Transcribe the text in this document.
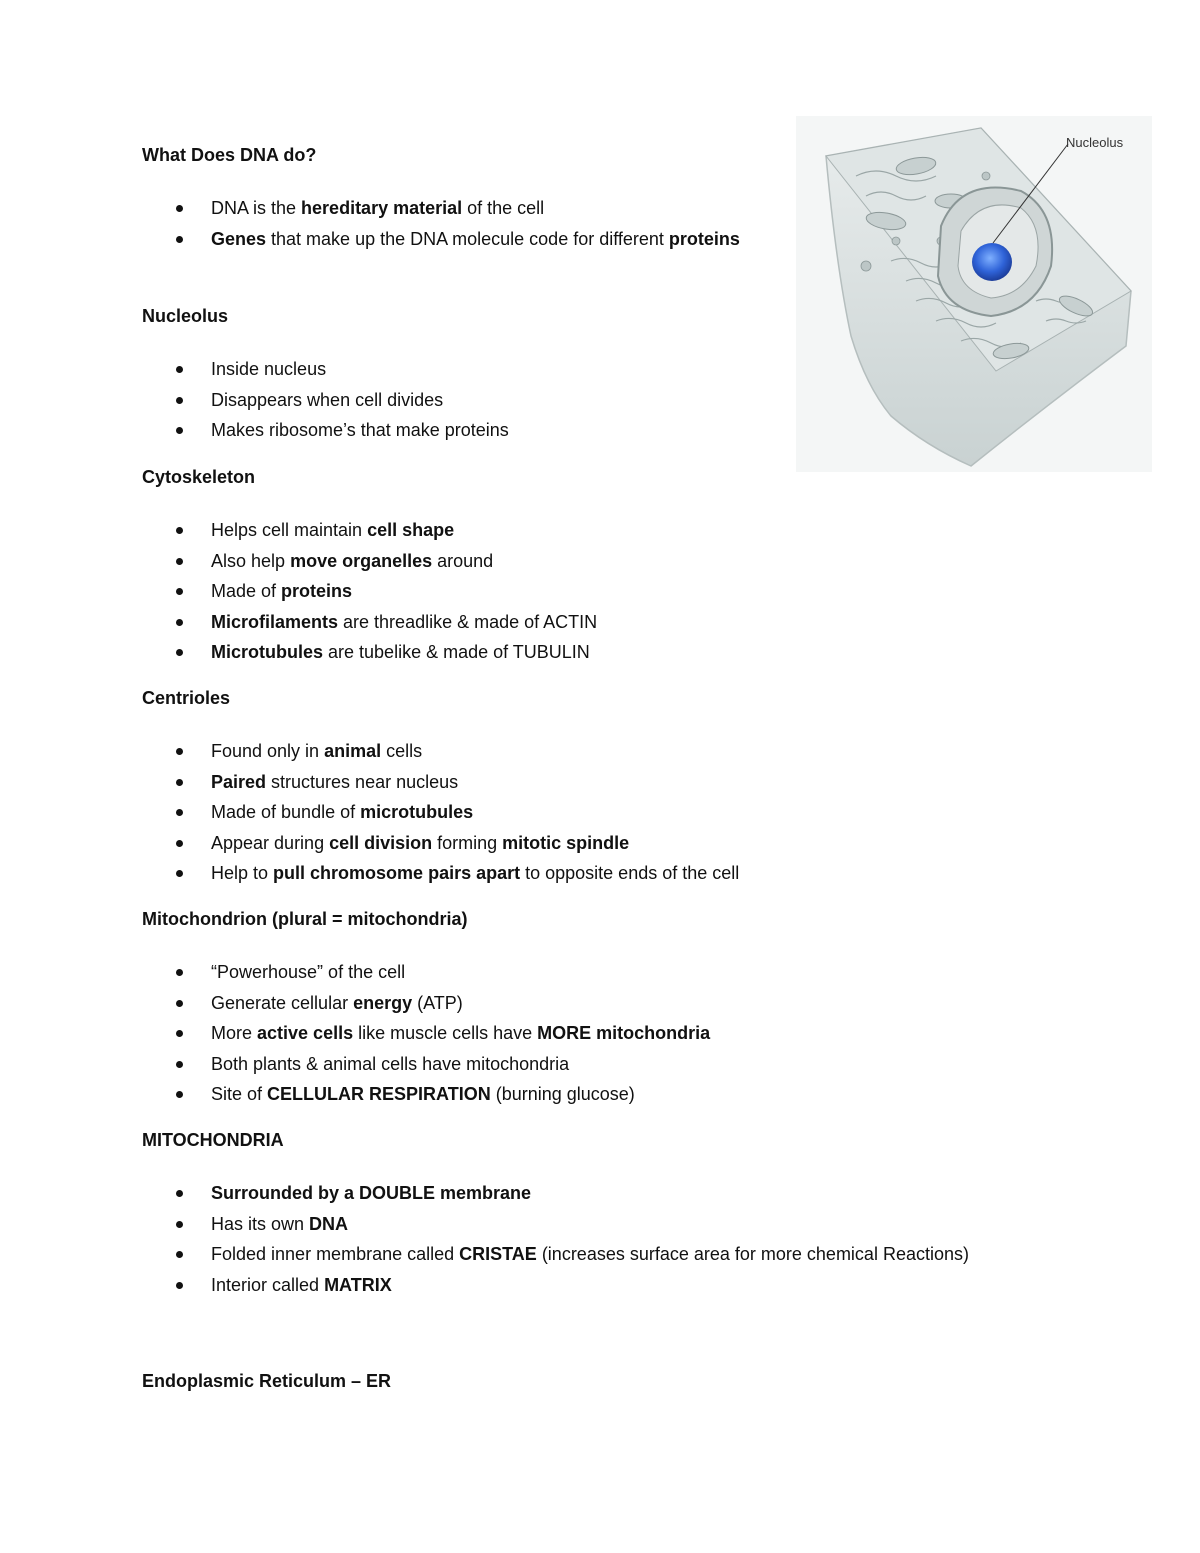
What Does DNA do?

DNA is the hereditary material of the cell
Genes that make up the DNA molecule code for different proteins

Nucleolus

Inside nucleus
Disappears when cell divides
Makes ribosome’s that make proteins

Cytoskeleton

Helps cell maintain cell shape
Also help move organelles around
Made of proteins
Microfilaments are threadlike & made of ACTIN
Microtubules are tubelike & made of TUBULIN

Centrioles

Found only in animal cells
Paired structures near nucleus
Made of bundle of microtubules
Appear during cell division forming mitotic spindle
Help to pull chromosome pairs apart to opposite ends of the cell

Mitochondrion (plural = mitochondria)

“Powerhouse” of the cell
Generate cellular energy (ATP)
More active cells like muscle cells have MORE mitochondria
Both plants & animal cells have mitochondria
Site of CELLULAR RESPIRATION (burning glucose)

MITOCHONDRIA

Surrounded by a DOUBLE membrane
Has its own DNA
Folded inner membrane called CRISTAE (increases surface area for more chemical Reactions)
Interior called MATRIX

Endoplasmic Reticulum – ER

Nucleolus
